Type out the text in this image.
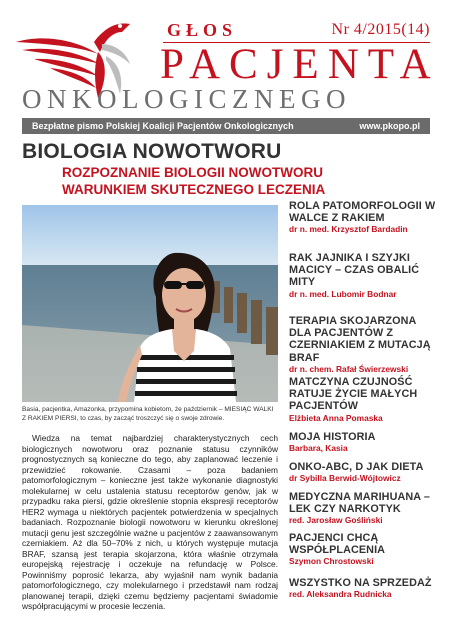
GŁOS	Nr 4/2015(14)
PACJENTA
ONKOLOGICZNEGO
Bezpłatne pismo Polskiej Koalicji Pacjentów Onkologicznych	www.pkopo.pl
BIOLOGIA NOWOTWORU
ROZPOZNANIE BIOLOGII NOWOTWORU WARUNKIEM SKUTECZNEGO LECZENIA
Basia, pacjentka, Amazonka, przypomina kobietom, że październik – MIESIĄC WALKI Z RAKIEM PIERSI, to czas, by zacząć troszczyć się o swoje zdrowie.

Wiedza na temat najbardziej charakterystycznych cech biologicznych nowotworu oraz poznanie statusu czynników prognostycznych są konieczne do tego, aby zaplanować leczenie i przewidzieć rokowanie. Czasami – poza badaniem patomorfologicznym – konieczne jest także wykonanie diagnostyki molekularnej w celu ustalenia statusu receptorów genów, jak w przypadku raka piersi, gdzie określenie stopnia ekspresji receptorów HER2 wymaga u niektórych pacjentek potwierdzenia w specjalnych badaniach. Rozpoznanie biologii nowotworu w kierunku określonej mutacji genu jest szczególnie ważne u pacjentów z zaawansowanym czerniakiem. Aż dla 50–70% z nich, u których występuje mutacja BRAF, szansą jest terapia skojarzona, która właśnie otrzymała europejską rejestrację i oczekuje na refundację w Polsce. Powinniśmy poprosić lekarza, aby wyjaśnił nam wynik badania patomorfologicznego, czy molekularnego i przedstawił nam rodzaj planowanej terapii, dzięki czemu będziemy pacjentami świadomie współpracującymi w procesie leczenia.

ROLA PATOMORFOLOGII W WALCE Z RAKIEM
dr n. med. Krzysztof Bardadin
RAK JAJNIKA I SZYJKI MACICY – CZAS OBALIĆ MITY
dr n. med. Lubomir Bodnar
TERAPIA SKOJARZONA DLA PACJENTÓW Z CZERNIAKIEM Z MUTACJĄ BRAF
dr n. chem. Rafał Świerzewski
MATCZYNA CZUJNOŚĆ RATUJE ŻYCIE MAŁYCH PACJENTÓW
Elżbieta Anna Pomaska
MOJA HISTORIA
Barbara, Kasia
ONKO-ABC, D JAK DIETA
dr Sybilla Berwid-Wójtowicz
MEDYCZNA MARIHUANA – LEK CZY NARKOTYK
red. Jarosław Gośliński
PACJENCI CHCĄ WSPÓŁPLACENIA
Szymon Chrostowski
WSZYSTKO NA SPRZEDAŻ
red. Aleksandra Rudnicka
